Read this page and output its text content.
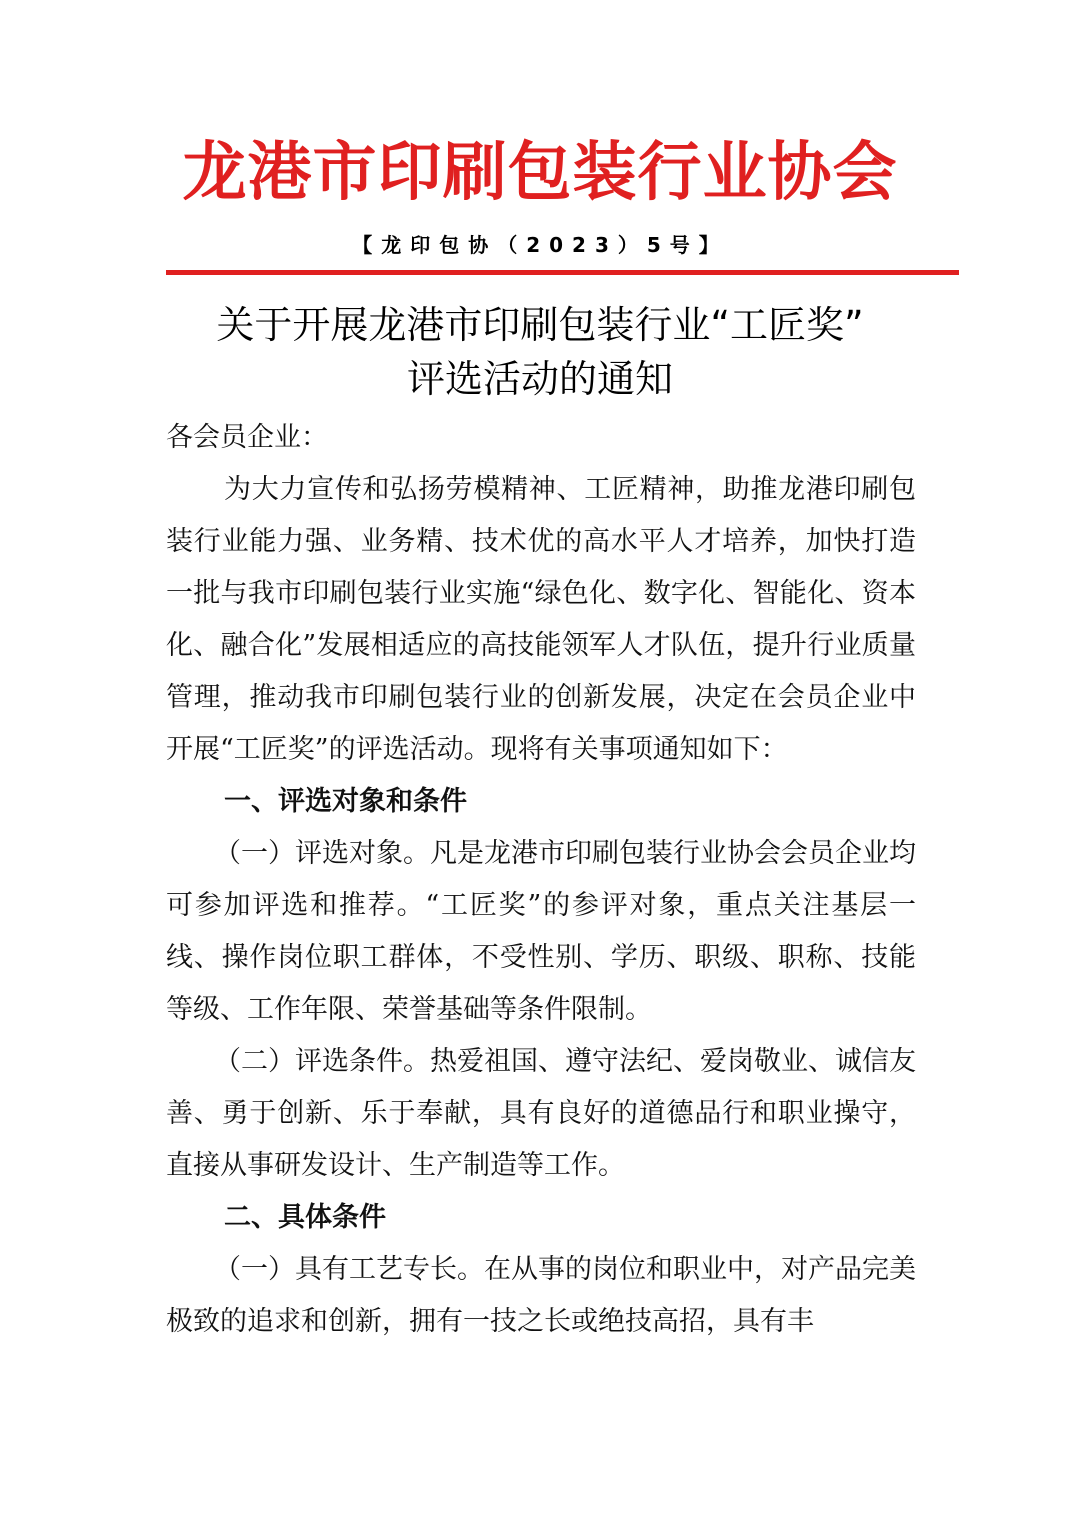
龙港市印刷包装行业协会
【龙印包协（2023）5号】
关于开展龙港市印刷包装行业“工匠奖”
评选活动的通知

各会员企业：

为大力宣传和弘扬劳模精神、工匠精神，助推龙港印刷包装行业能力强、业务精、技术优的高水平人才培养，加快打造一批与我市印刷包装行业实施“绿色化、数字化、智能化、资本化、融合化”发展相适应的高技能领军人才队伍，提升行业质量管理，推动我市印刷包装行业的创新发展，决定在会员企业中开展“工匠奖”的评选活动。现将有关事项通知如下：

一、评选对象和条件

（一）评选对象。凡是龙港市印刷包装行业协会会员企业均可参加评选和推荐。“工匠奖”的参评对象，重点关注基层一线、操作岗位职工群体，不受性别、学历、职级、职称、技能等级、工作年限、荣誉基础等条件限制。

（二）评选条件。热爱祖国、遵守法纪、爱岗敬业、诚信友善、勇于创新、乐于奉献，具有良好的道德品行和职业操守，直接从事研发设计、生产制造等工作。

二、具体条件

（一）具有工艺专长。在从事的岗位和职业中，对产品完美极致的追求和创新，拥有一技之长或绝技高招，具有丰
